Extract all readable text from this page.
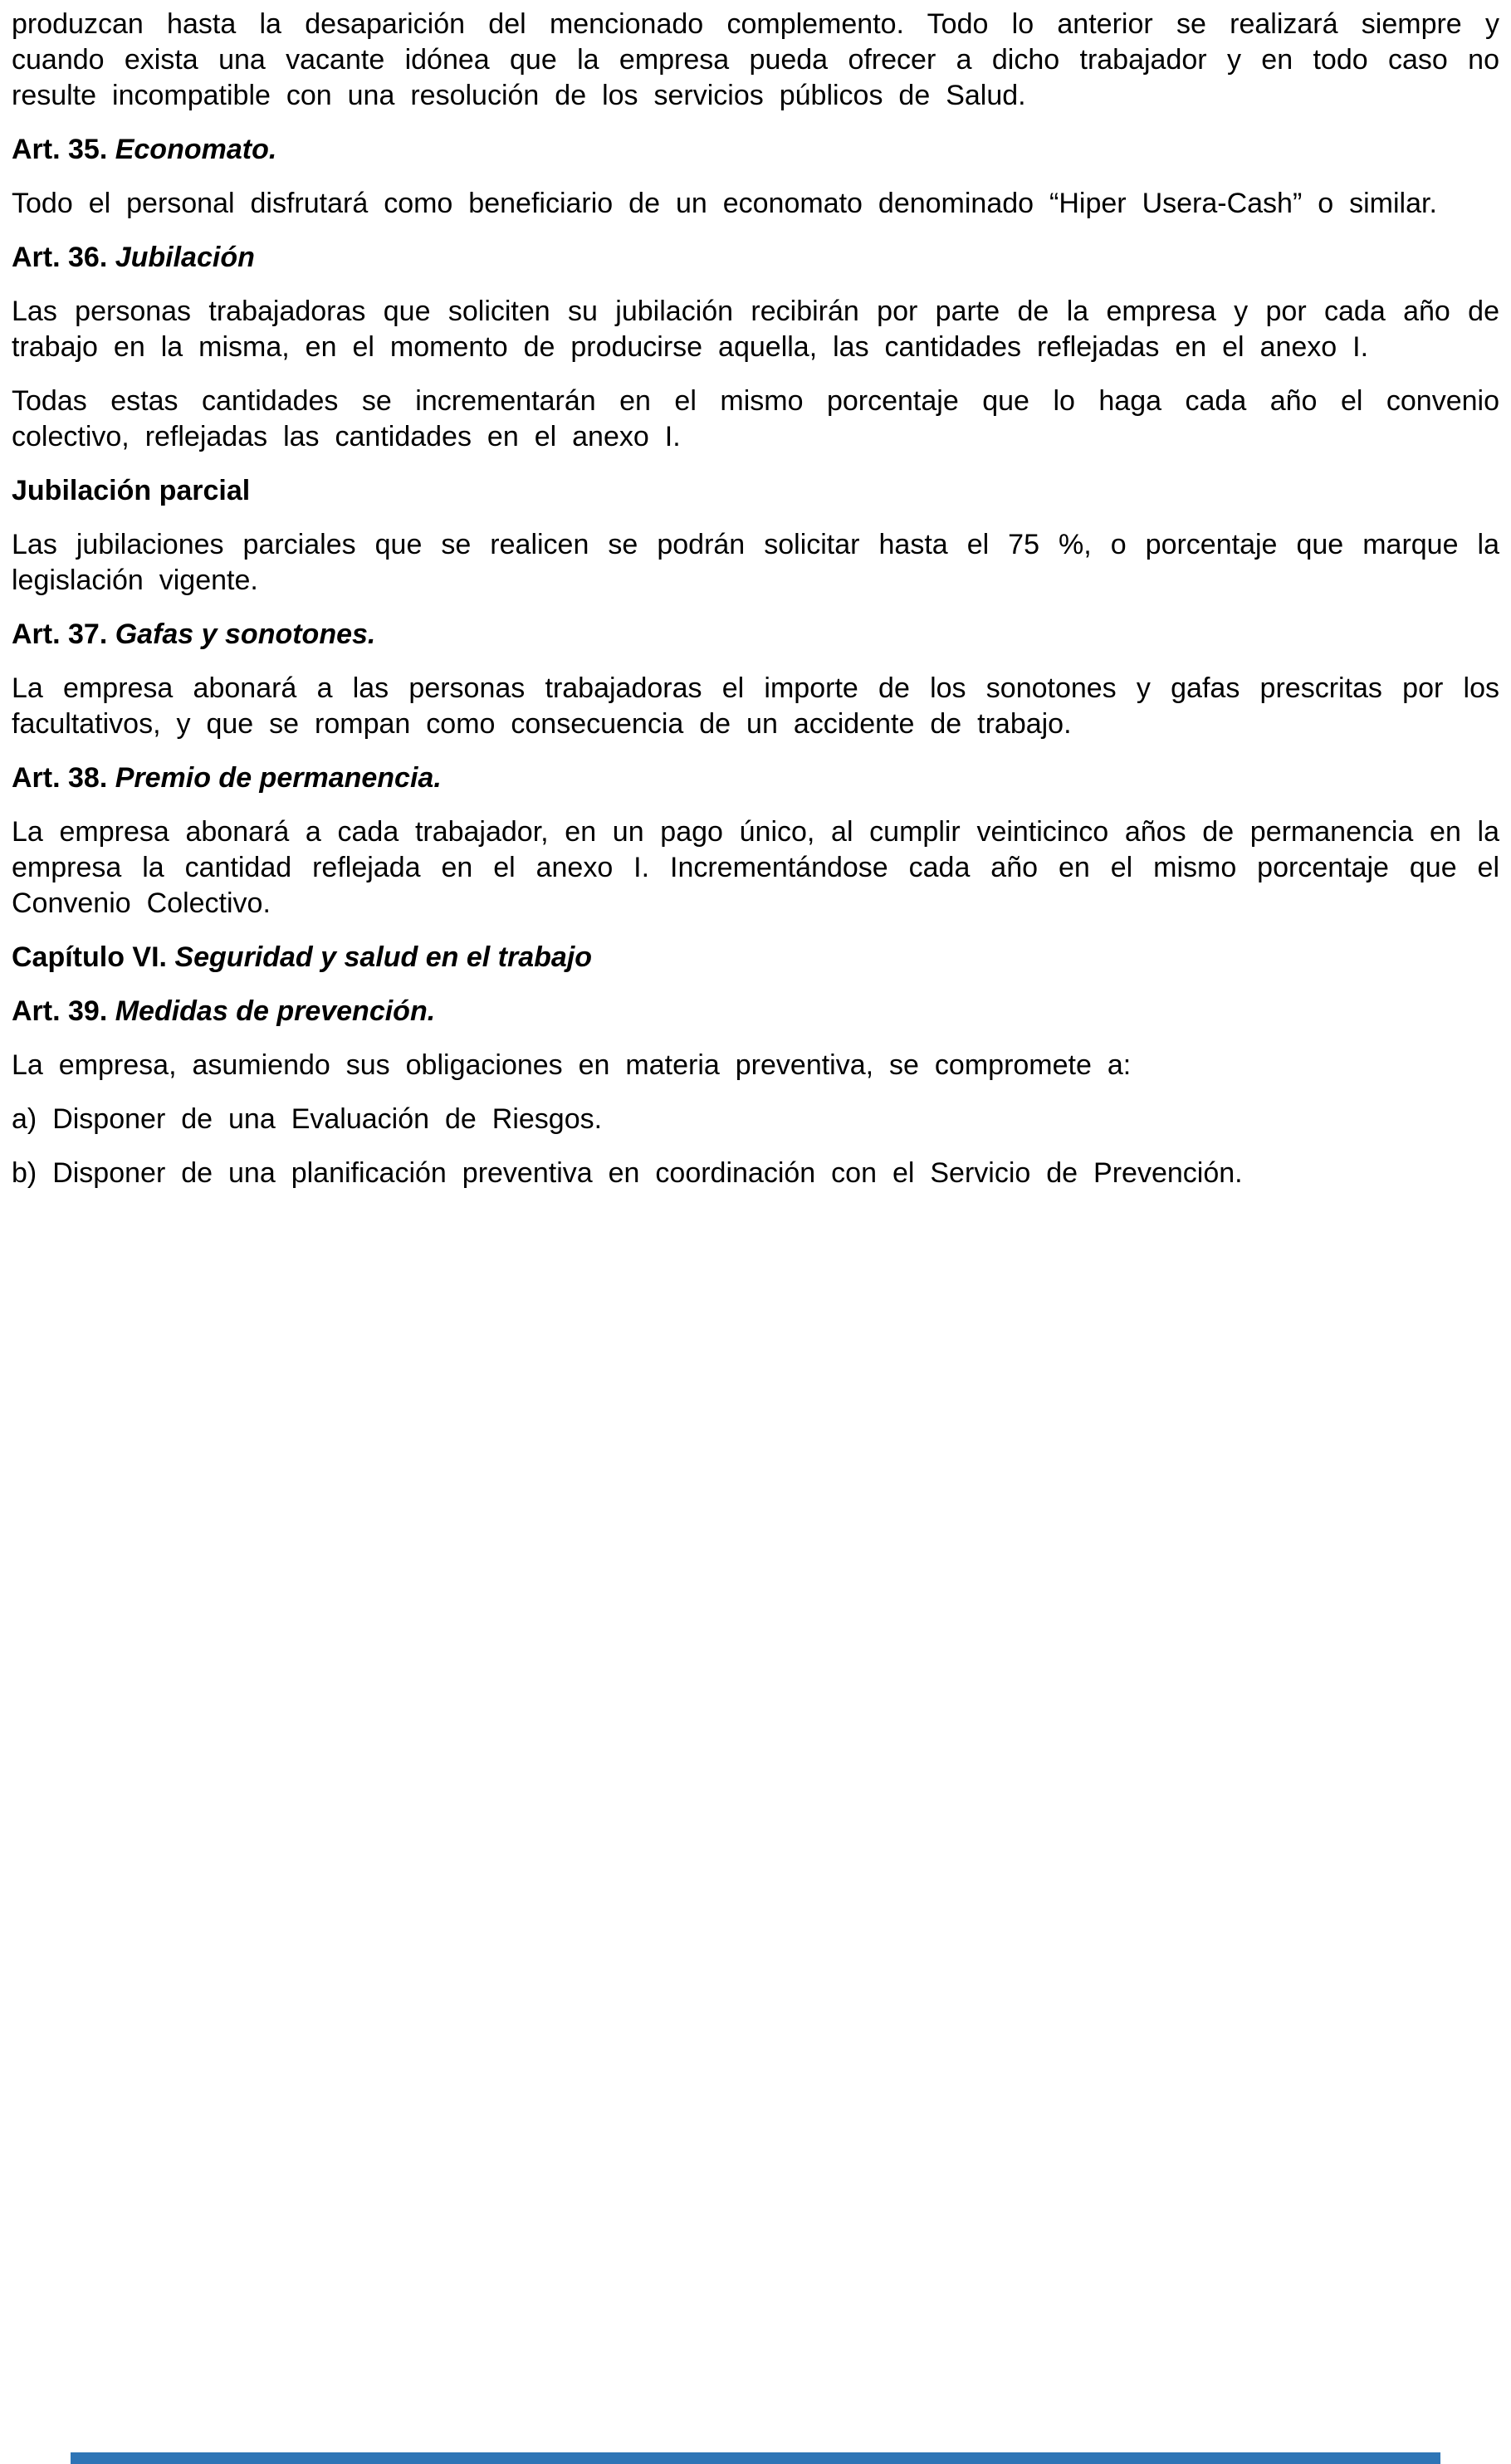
produzcan hasta la desaparición del mencionado complemento. Todo lo anterior se realizará siempre y cuando exista una vacante idónea que la empresa pueda ofrecer a dicho trabajador y en todo caso no resulte incompatible con una resolución de los servicios públicos de Salud.

Art. 35. Economato.

Todo el personal disfrutará como beneficiario de un economato denominado “Hiper Usera-Cash” o similar.

Art. 36. Jubilación

Las personas trabajadoras que soliciten su jubilación recibirán por parte de la empresa y por cada año de trabajo en la misma, en el momento de producirse aquella, las cantidades reflejadas en el anexo I.

Todas estas cantidades se incrementarán en el mismo porcentaje que lo haga cada año el convenio colectivo, reflejadas las cantidades en el anexo I.

Jubilación parcial

Las jubilaciones parciales que se realicen se podrán solicitar hasta el 75 %, o porcentaje que marque la legislación vigente.

Art. 37. Gafas y sonotones.

La empresa abonará a las personas trabajadoras el importe de los sonotones y gafas prescritas por los facultativos, y que se rompan como consecuencia de un accidente de trabajo.

Art. 38. Premio de permanencia.

La empresa abonará a cada trabajador, en un pago único, al cumplir veinticinco años de permanencia en la empresa la cantidad reflejada en el anexo I. Incrementándose cada año en el mismo porcentaje que el Convenio Colectivo.

Capítulo VI. Seguridad y salud en el trabajo
Art. 39. Medidas de prevención.

La empresa, asumiendo sus obligaciones en materia preventiva, se compromete a:

a) Disponer de una Evaluación de Riesgos.

b) Disponer de una planificación preventiva en coordinación con el Servicio de Prevención.
